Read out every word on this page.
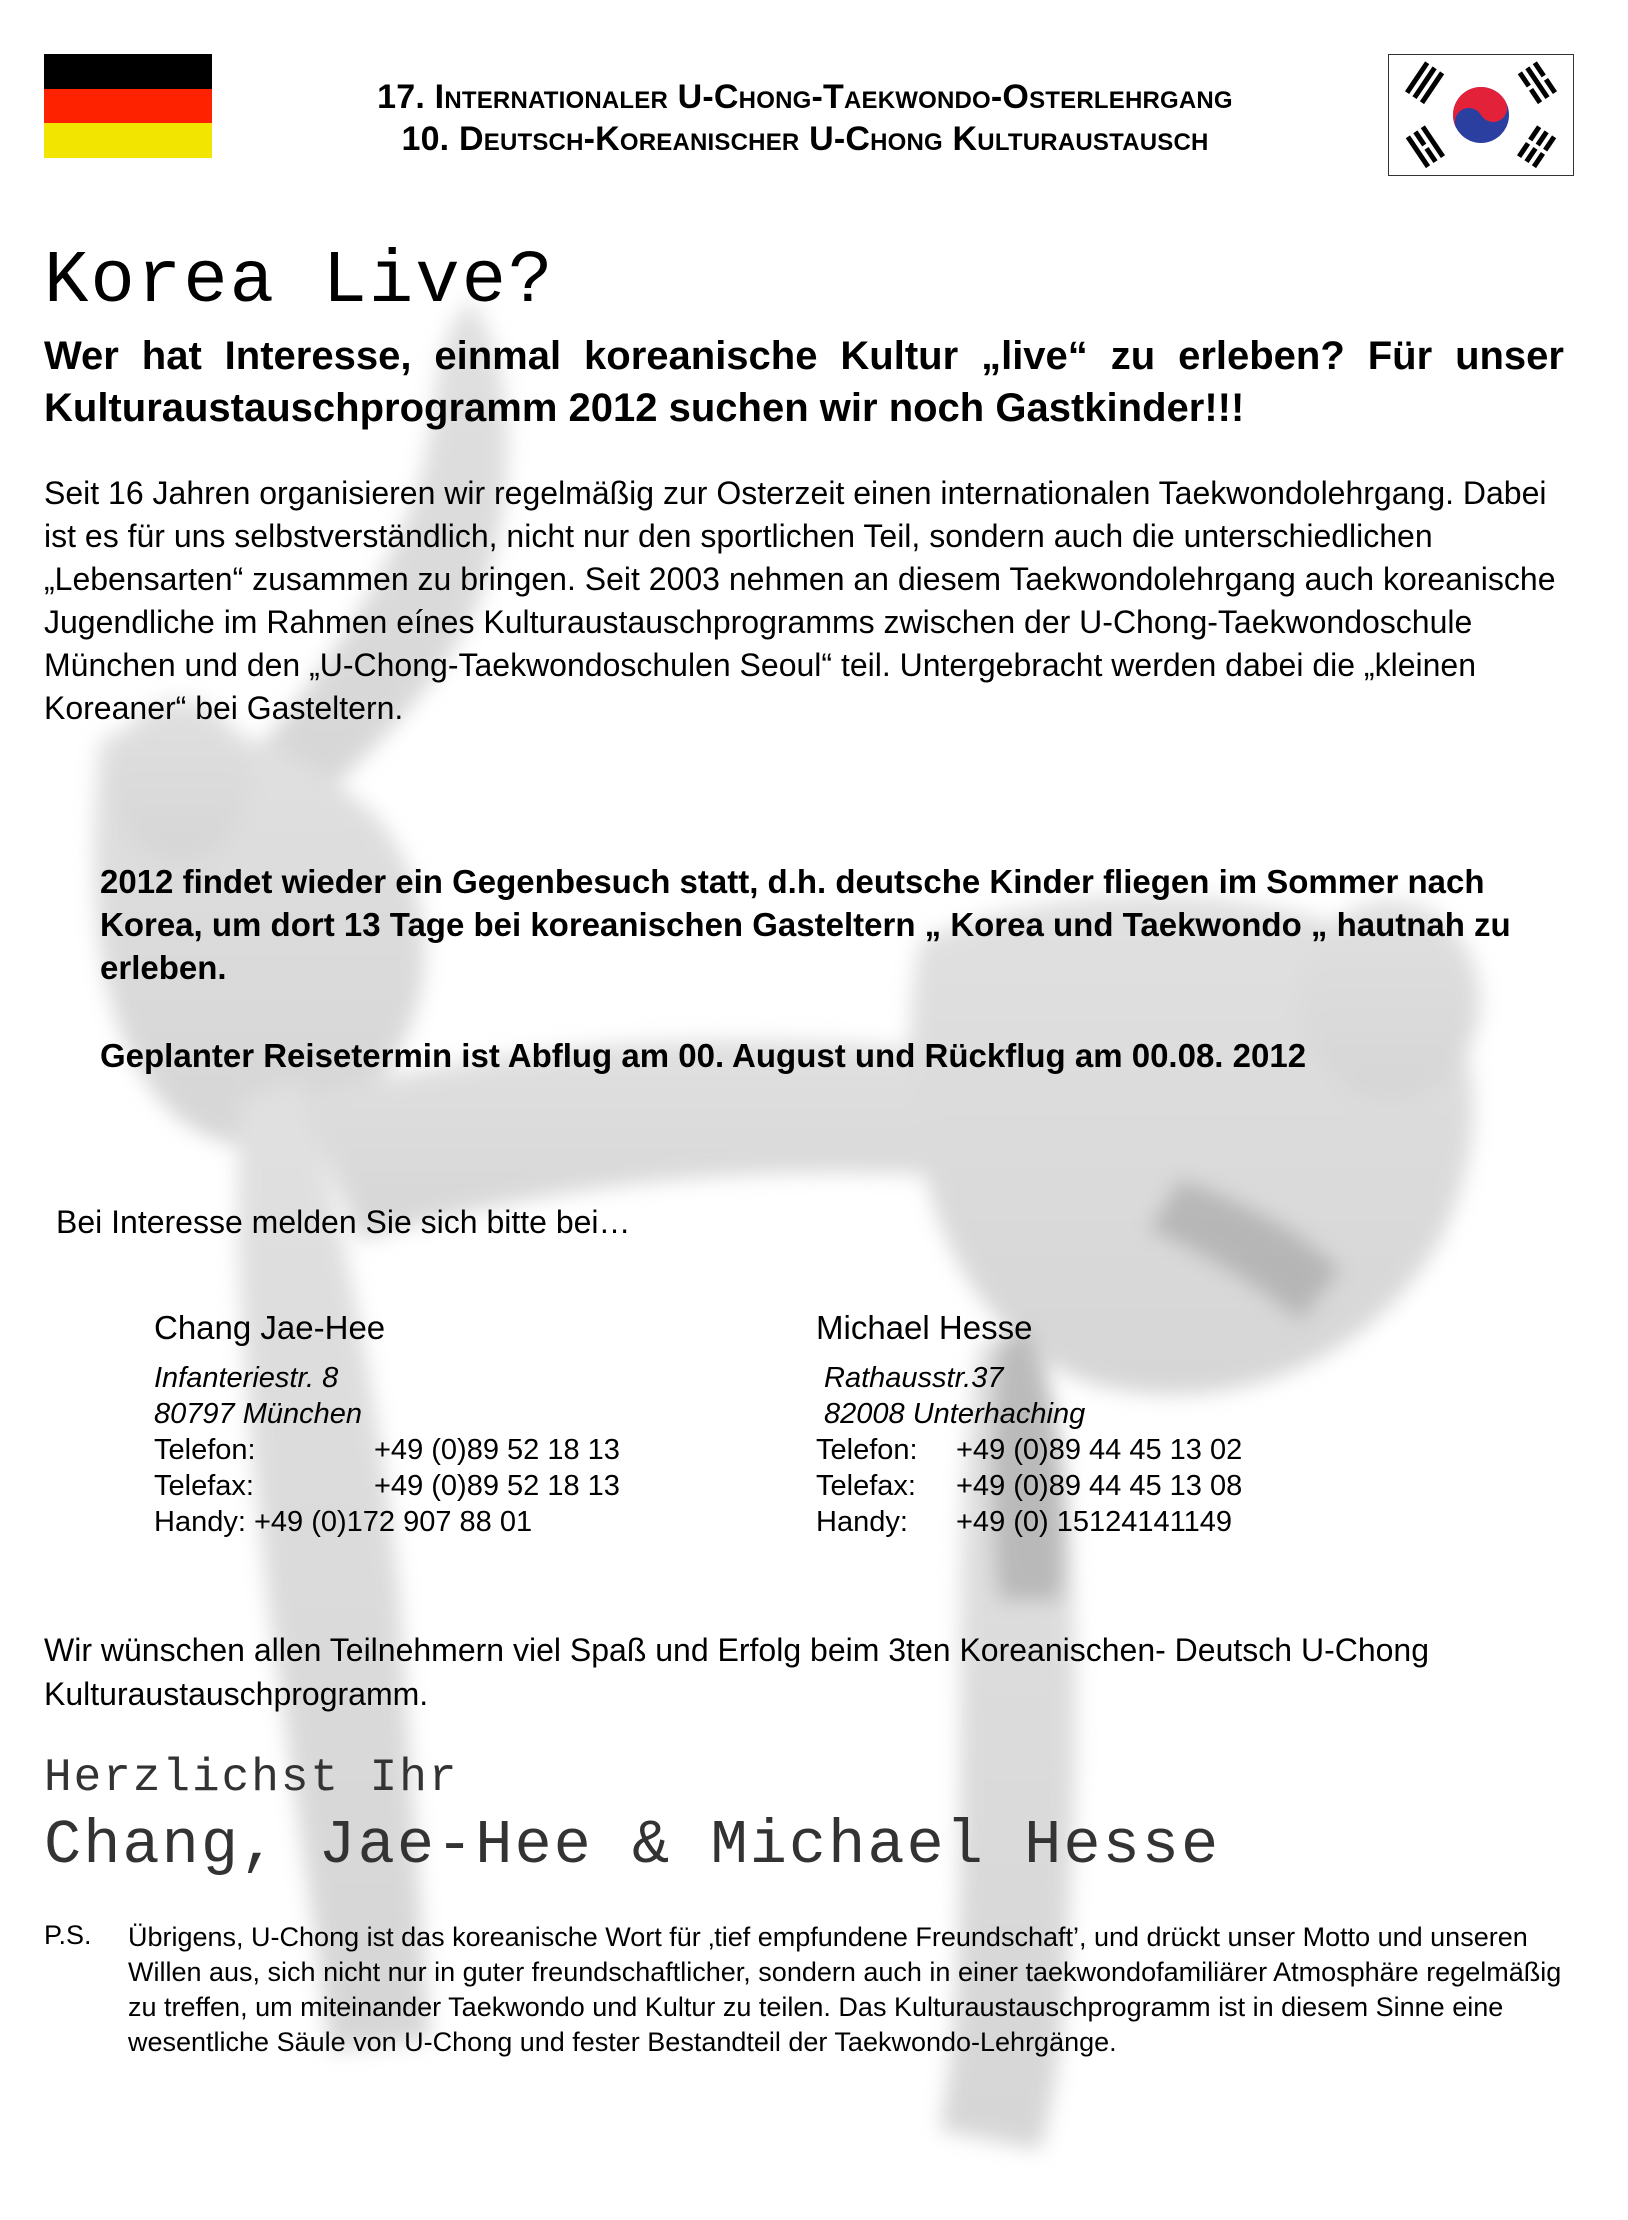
17. Internationaler U-Chong-Taekwondo-Osterlehrgang
10. Deutsch-Koreanischer U-Chong Kulturaustausch
Korea Live?
Wer hat Interesse, einmal koreanische Kultur „live“ zu erleben? Für unser Kulturaustauschprogramm 2012 suchen wir noch Gastkinder!!!
Seit 16 Jahren organisieren wir regelmäßig zur Osterzeit einen internationalen Taekwondolehrgang. Dabei ist es für uns selbstverständlich, nicht nur den sportlichen Teil, sondern auch die unterschiedlichen „Lebensarten“ zusammen zu bringen. Seit 2003 nehmen an diesem Taekwondolehrgang auch koreanische Jugendliche im Rahmen eínes Kulturaustauschprogramms zwischen der U-Chong-Taekwondoschule München und den „U-Chong-Taekwondoschulen Seoul“ teil. Untergebracht werden dabei die „kleinen Koreaner“ bei Gasteltern.
2012 findet wieder ein Gegenbesuch statt, d.h. deutsche Kinder fliegen im Sommer nach Korea, um dort 13 Tage bei koreanischen Gasteltern „ Korea und Taekwondo „ hautnah zu erleben.
Geplanter Reisetermin ist Abflug am 00. August und Rückflug am 00.08. 2012
Bei Interesse melden Sie sich bitte bei…
Chang Jae-Hee
Infanteriestr. 8
80797 München
Telefon:	+49 (0)89 52 18 13
Telefax:	+49 (0)89 52 18 13
Handy: +49 (0)172 907 88 01
Michael Hesse
Rathausstr.37
82008 Unterhaching
Telefon: +49 (0)89 44 45 13 02
Telefax: +49 (0)89 44 45 13 08
Handy: +49 (0) 15124141149
Wir wünschen allen Teilnehmern viel Spaß und Erfolg beim 3ten Koreanischen- Deutsch U-Chong Kulturaustauschprogramm.
Herzlichst Ihr
Chang, Jae-Hee & Michael Hesse
P.S. Übrigens, U-Chong ist das koreanische Wort für ‚tief empfundene Freundschaft’, und drückt unser Motto und unseren Willen aus, sich nicht nur in guter freundschaftlicher, sondern auch in einer taekwondofamiliärer Atmosphäre regelmäßig zu treffen, um miteinander Taekwondo und Kultur zu teilen. Das Kulturaustauschprogramm ist in diesem Sinne eine wesentliche Säule von U-Chong und fester Bestandteil der Taekwondo-Lehrgänge.
